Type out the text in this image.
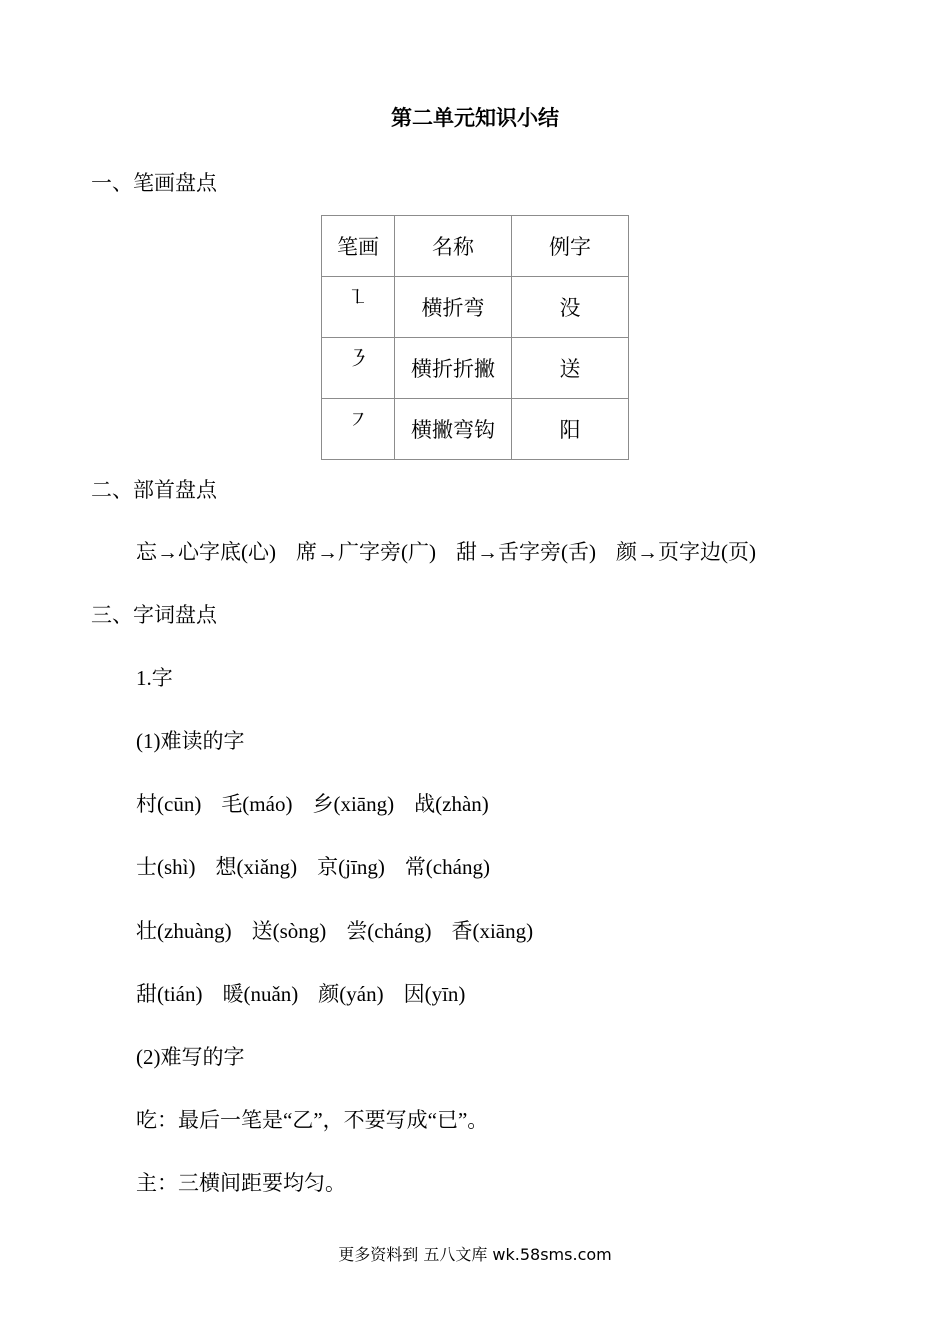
第二单元知识小结
一、笔画盘点
笔画	名称	例字
㇅	横折弯	没
㇋	横折折撇	送
㇇	横撇弯钩	阳
二、部首盘点
忘→心字底(心) 席→广字旁(广) 甜→舌字旁(舌) 颜→页字边(页)
三、字词盘点
1.字
(1)难读的字
村(cūn) 毛(máo) 乡(xiāng) 战(zhàn)
士(shì) 想(xiǎng) 京(jīng) 常(cháng)
壮(zhuàng) 送(sòng) 尝(cháng) 香(xiāng)
甜(tián) 暖(nuǎn) 颜(yán) 因(yīn)
(2)难写的字
吃：最后一笔是“乙”，不要写成“已”。
主：三横间距要均匀。
更多资料到 五八文库 wk.58sms.com
